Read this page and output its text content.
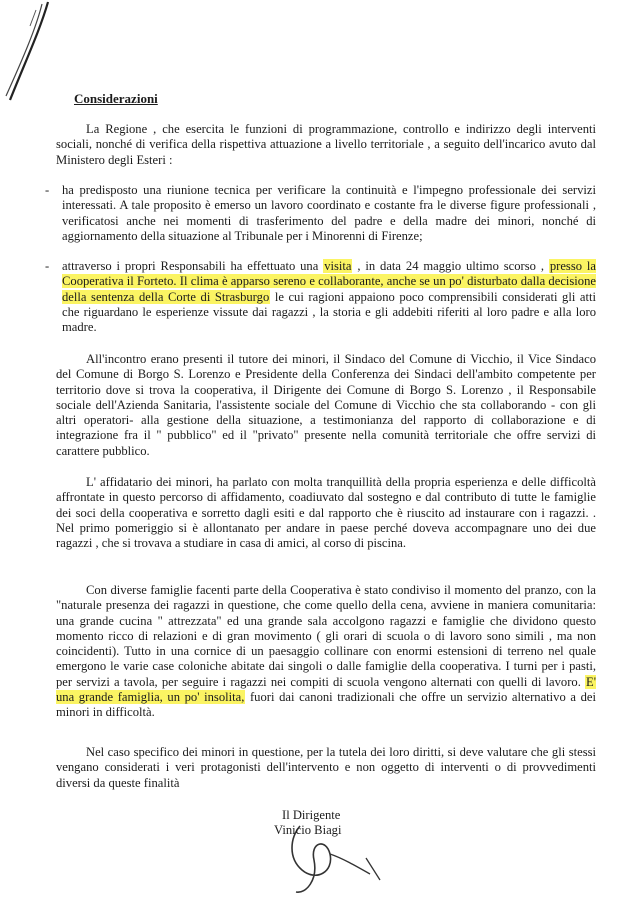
Considerazioni
La Regione , che esercita le funzioni di programmazione, controllo e indirizzo degli interventi sociali, nonché di verifica della rispettiva attuazione a livello territoriale , a seguito dell'incarico avuto dal Ministero degli Esteri :
- ha predisposto una riunione tecnica per verificare la continuità e l'impegno professionale dei servizi interessati. A tale proposito è emerso un lavoro coordinato e costante fra le diverse figure professionali , verificatosi anche nei momenti di trasferimento del padre e della madre dei minori, nonché di aggiornamento della situazione al Tribunale per i Minorenni di Firenze;
- attraverso i propri Responsabili ha effettuato una visita , in data 24 maggio ultimo scorso , presso la Cooperativa il Forteto. Il clima è apparso sereno e collaborante, anche se un po' disturbato dalla decisione della sentenza della Corte di Strasburgo le cui ragioni appaiono poco comprensibili considerati gli atti che riguardano le esperienze vissute dai ragazzi , la storia e gli addebiti riferiti al loro padre e alla loro madre.
All'incontro erano presenti il tutore dei minori, il Sindaco del Comune di Vicchio, il Vice Sindaco del Comune di Borgo S. Lorenzo e Presidente della Conferenza dei Sindaci dell'ambito competente per territorio dove si trova la cooperativa, il Dirigente dei Comune di Borgo S. Lorenzo , il Responsabile sociale dell'Azienda Sanitaria, l'assistente sociale del Comune di Vicchio che sta collaborando - con gli altri operatori- alla gestione della situazione, a testimonianza del rapporto di collaborazione e di integrazione fra il " pubblico" ed il "privato" presente nella comunità territoriale che offre servizi di carattere pubblico.
L' affidatario dei minori, ha parlato con molta tranquillità della propria esperienza e delle difficoltà affrontate in questo percorso di affidamento, coadiuvato dal sostegno e dal contributo di tutte le famiglie dei soci della cooperativa e sorretto dagli esiti e dal rapporto che è riuscito ad instaurare con i ragazzi. . Nel primo pomeriggio si è allontanato per andare in paese perché doveva accompagnare uno dei due ragazzi , che si trovava a studiare in casa di amici, al corso di piscina.
Con diverse famiglie facenti parte della Cooperativa è stato condiviso il momento del pranzo, con la "naturale presenza dei ragazzi in questione, che come quello della cena, avviene in maniera comunitaria: una grande cucina " attrezzata" ed una grande sala accolgono ragazzi e famiglie che dividono questo momento ricco di relazioni e di gran movimento ( gli orari di scuola o di lavoro sono simili , ma non coincidenti). Tutto in una cornice di un paesaggio collinare con enormi estensioni di terreno nel quale emergono le varie case coloniche abitate dai singoli o dalle famiglie della cooperativa. I turni per i pasti, per servizi a tavola, per seguire i ragazzi nei compiti di scuola vengono alternati con quelli di lavoro. E' una grande famiglia, un po' insolita, fuori dai canoni tradizionali che offre un servizio alternativo a dei minori in difficoltà.
Nel caso specifico dei minori in questione, per la tutela dei loro diritti, si deve valutare che gli stessi vengano considerati i veri protagonisti dell'intervento e non oggetto di interventi o di provvedimenti diversi da queste finalità
Il Dirigente
Vinicio Biagi
